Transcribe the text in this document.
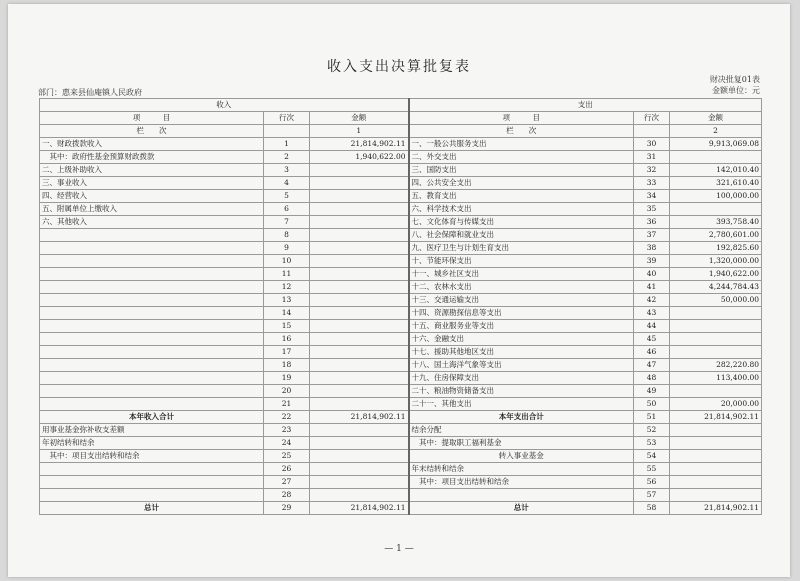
收入支出决算批复表
部门：惠来县仙庵镇人民政府
财决批复01表
金额单位：元
收入			支出		
项　　　目	行次	金额	项　　　目	行次	金额
栏　　次		1	栏　　次		2
一、财政拨款收入	1	21,814,902.11	一、一般公共服务支出	30	9,913,069.08
　其中：政府性基金预算财政拨款	2	1,940,622.00	二、外交支出	31	
二、上级补助收入	3		三、国防支出	32	142,010.40
三、事业收入	4		四、公共安全支出	33	321,610.40
四、经营收入	5		五、教育支出	34	100,000.00
五、附属单位上缴收入	6		六、科学技术支出	35	
六、其他收入	7		七、文化体育与传媒支出	36	393,758.40
	8		八、社会保障和就业支出	37	2,780,601.00
	9		九、医疗卫生与计划生育支出	38	192,825.60
	10		十、节能环保支出	39	1,320,000.00
	11		十一、城乡社区支出	40	1,940,622.00
	12		十二、农林水支出	41	4,244,784.43
	13		十三、交通运输支出	42	50,000.00
	14		十四、资源勘探信息等支出	43	
	15		十五、商业服务业等支出	44	
	16		十六、金融支出	45	
	17		十七、援助其他地区支出	46	
	18		十八、国土海洋气象等支出	47	282,220.80
	19		十九、住房保障支出	48	113,400.00
	20		二十、粮油物资储备支出	49	
	21		二十一、其他支出	50	20,000.00
本年收入合计	22	21,814,902.11	本年支出合计	51	21,814,902.11
用事业基金弥补收支差额	23		结余分配	52	
年初结转和结余	24		　其中：提取职工福利基金	53	
　其中：项目支出结转和结余	25		转入事业基金	54	
	26		年末结转和结余	55	
	27		　其中：项目支出结转和结余	56	
	28			57	
总计	29	21,814,902.11	总计	58	21,814,902.11
— 1 —
